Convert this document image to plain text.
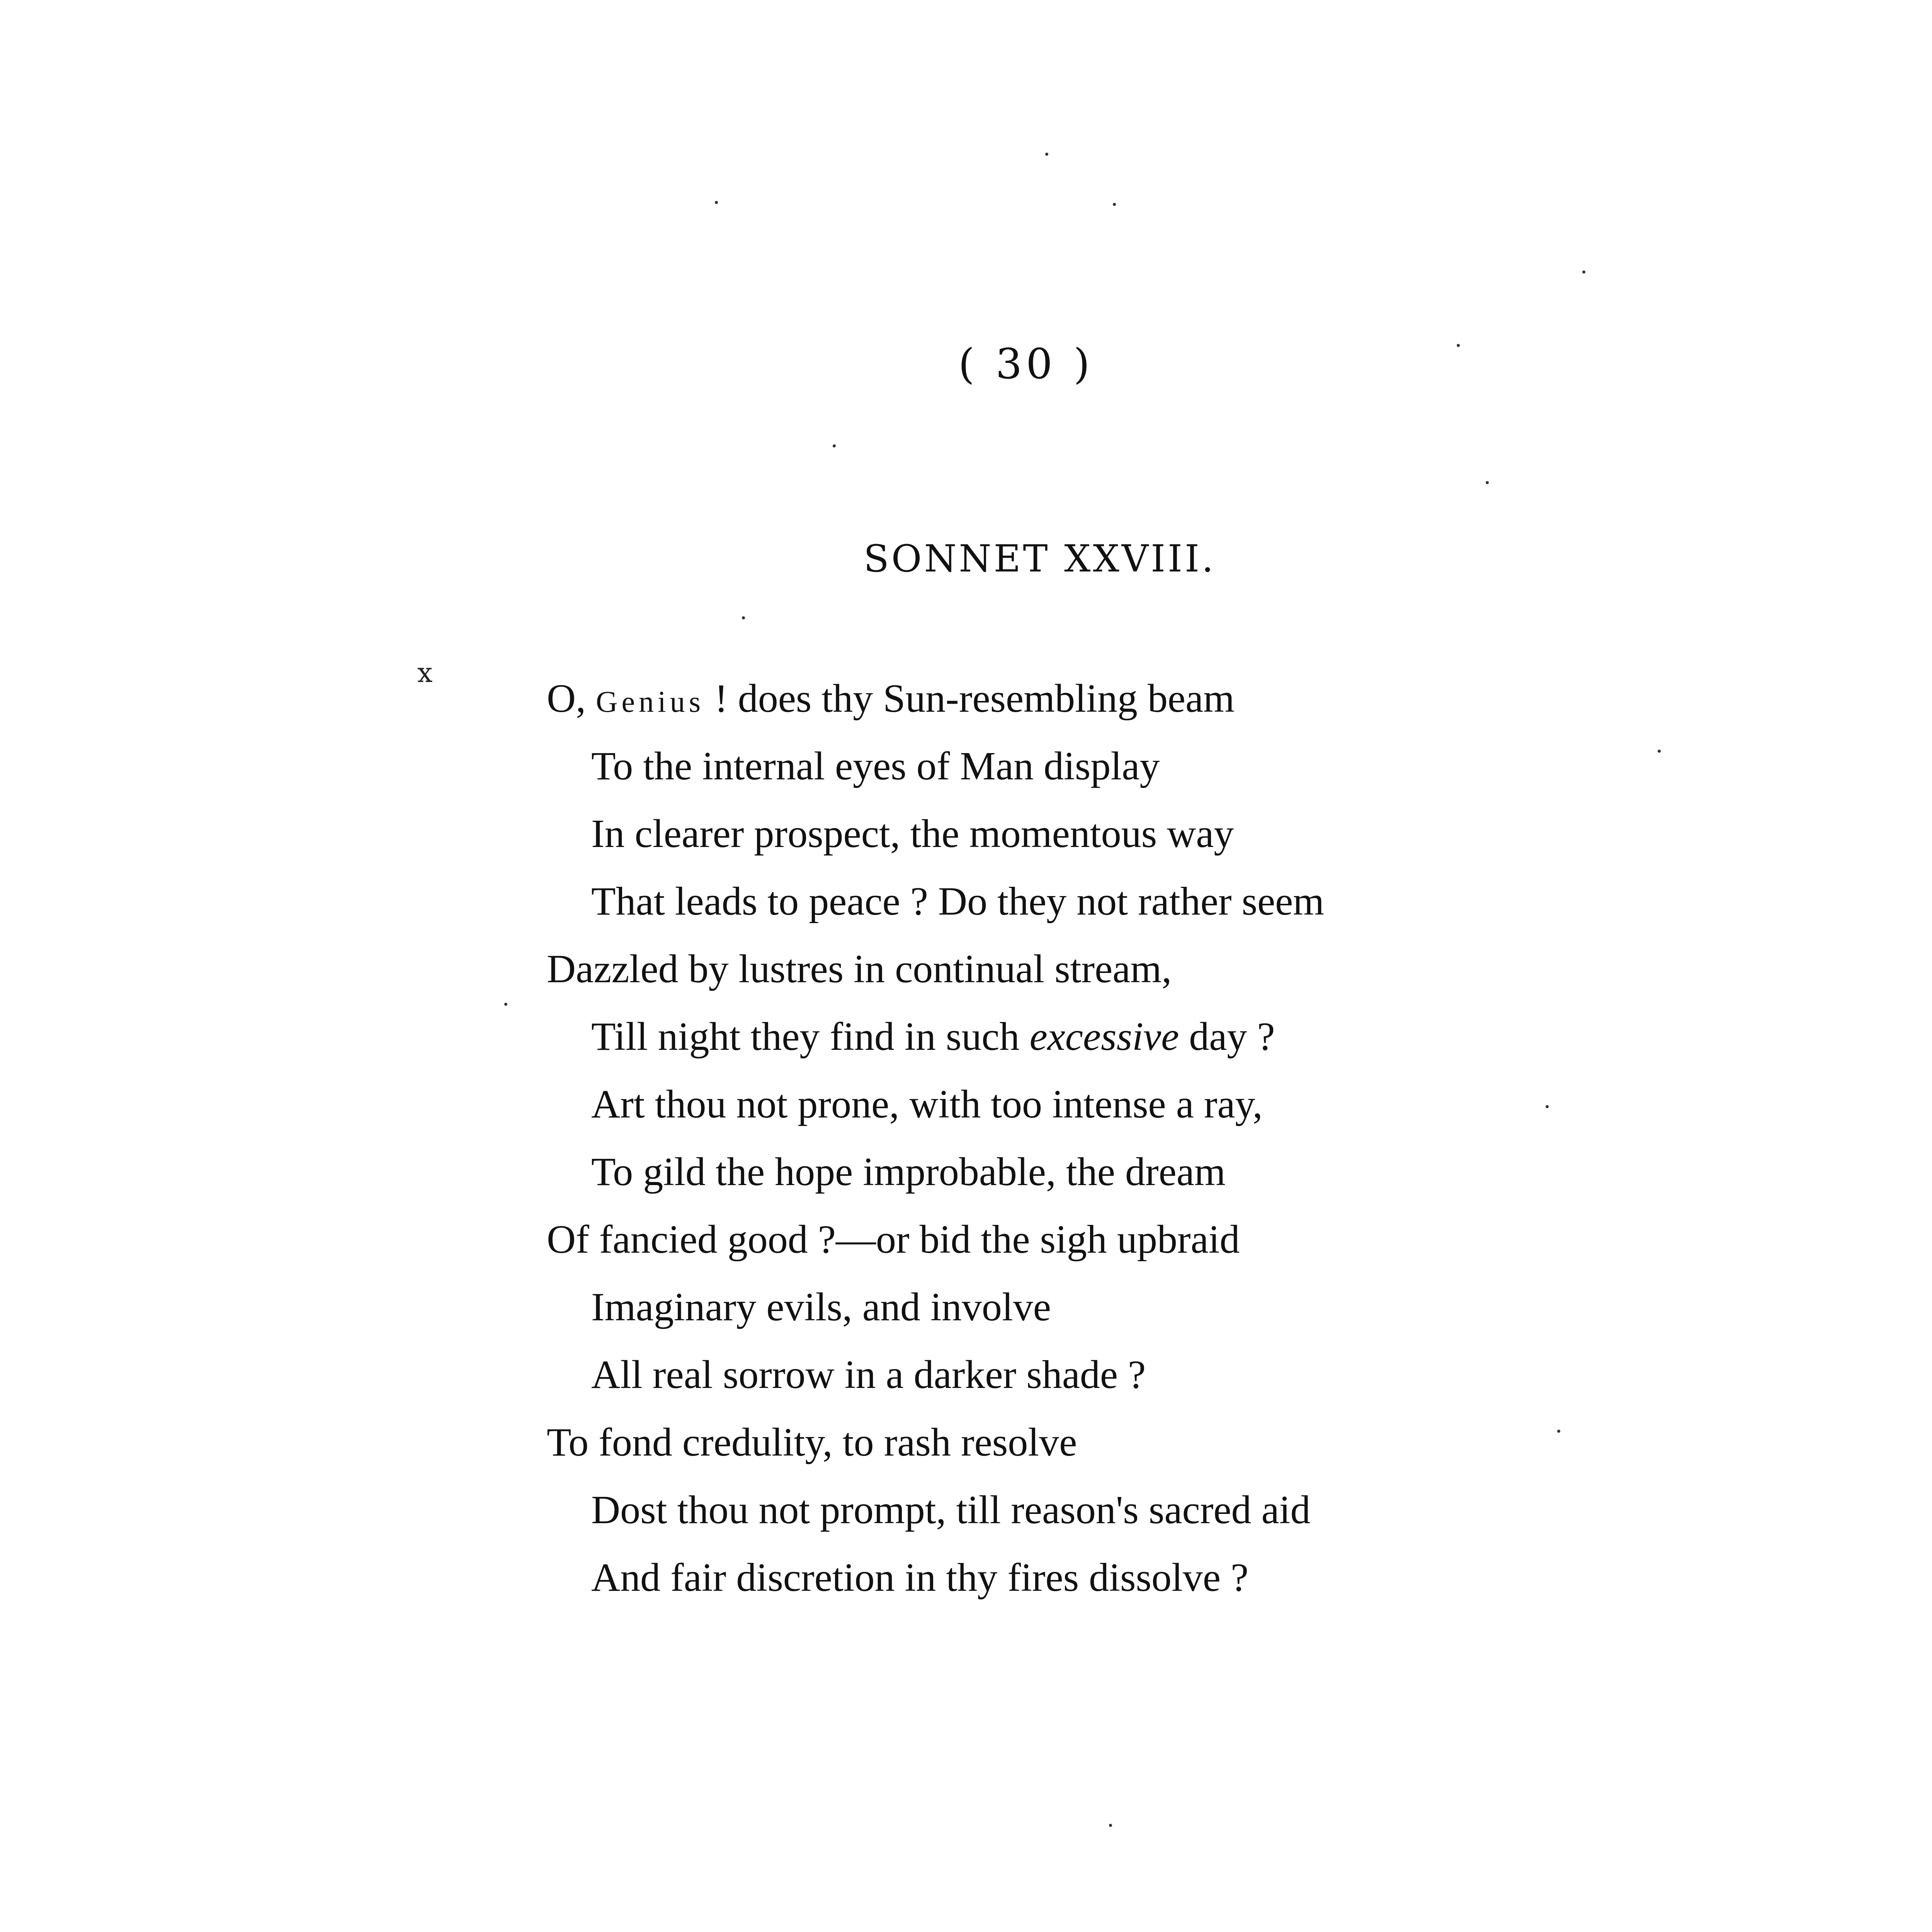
( 30 )
SONNET XXVIII.
x
O, Genius ! does thy Sun-resembling beam
To the internal eyes of Man display
In clearer prospect, the momentous way
That leads to peace ? Do they not rather seem
Dazzled by lustres in continual stream,
Till night they find in such excessive day ?
Art thou not prone, with too intense a ray,
To gild the hope improbable, the dream
Of fancied good ?—or bid the sigh upbraid
Imaginary evils, and involve
All real sorrow in a darker shade ?
To fond credulity, to rash resolve
Dost thou not prompt, till reason's sacred aid
And fair discretion in thy fires dissolve ?
